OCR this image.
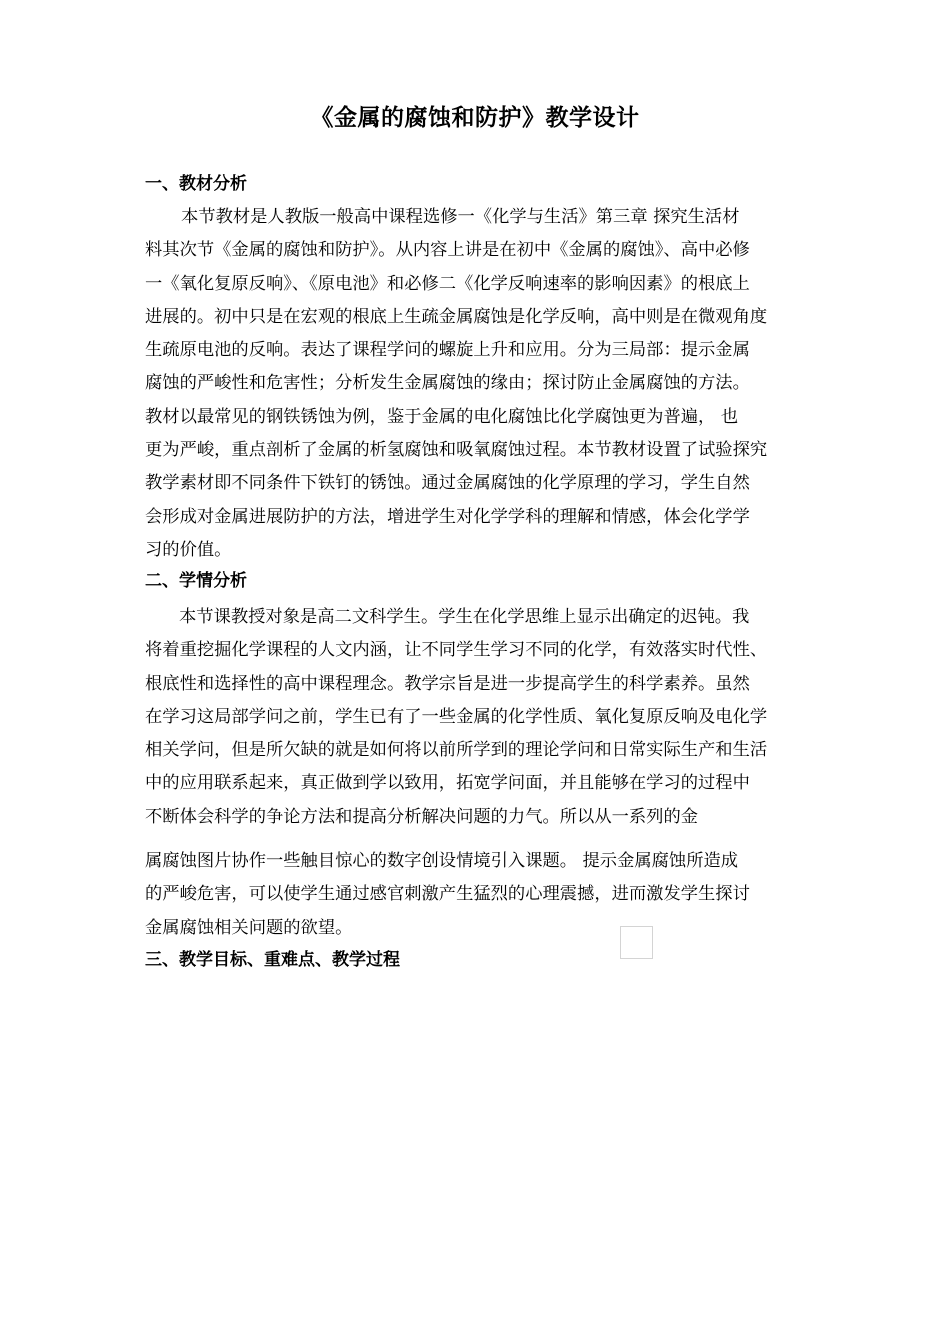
《金属的腐蚀和防护》教学设计
一、教材分析
本节教材是人教版一般高中课程选修一《化学与生活》第三章 探究生活材
料其次节《金属的腐蚀和防护》。从内容上讲是在初中《金属的腐蚀》、高中必修
一《氧化复原反响》、《原电池》和必修二《化学反响速率的影响因素》的根底上
进展的。初中只是在宏观的根底上生疏金属腐蚀是化学反响，高中则是在微观角度
生疏原电池的反响。表达了课程学问的螺旋上升和应用。分为三局部：提示金属
腐蚀的严峻性和危害性；分析发生金属腐蚀的缘由；探讨防止金属腐蚀的方法。
教材以最常见的钢铁锈蚀为例，鉴于金属的电化腐蚀比化学腐蚀更为普遍， 也
更为严峻，重点剖析了金属的析氢腐蚀和吸氧腐蚀过程。本节教材设置了试验探究
教学素材即不同条件下铁钉的锈蚀。通过金属腐蚀的化学原理的学习，学生自然
会形成对金属进展防护的方法，增进学生对化学学科的理解和情感，体会化学学
习的价值。
二、学情分析
本节课教授对象是高二文科学生。学生在化学思维上显示出确定的迟钝。我
将着重挖掘化学课程的人文内涵，让不同学生学习不同的化学，有效落实时代性、
根底性和选择性的高中课程理念。教学宗旨是进一步提高学生的科学素养。虽然
在学习这局部学问之前，学生已有了一些金属的化学性质、氧化复原反响及电化学
相关学问，但是所欠缺的就是如何将以前所学到的理论学问和日常实际生产和生活
中的应用联系起来，真正做到学以致用，拓宽学问面，并且能够在学习的过程中
不断体会科学的争论方法和提高分析解决问题的力气。所以从一系列的金
属腐蚀图片协作一些触目惊心的数字创设情境引入课题。 提示金属腐蚀所造成
的严峻危害，可以使学生通过感官刺激产生猛烈的心理震撼，进而激发学生探讨
金属腐蚀相关问题的欲望。
三、教学目标、重难点、教学过程
